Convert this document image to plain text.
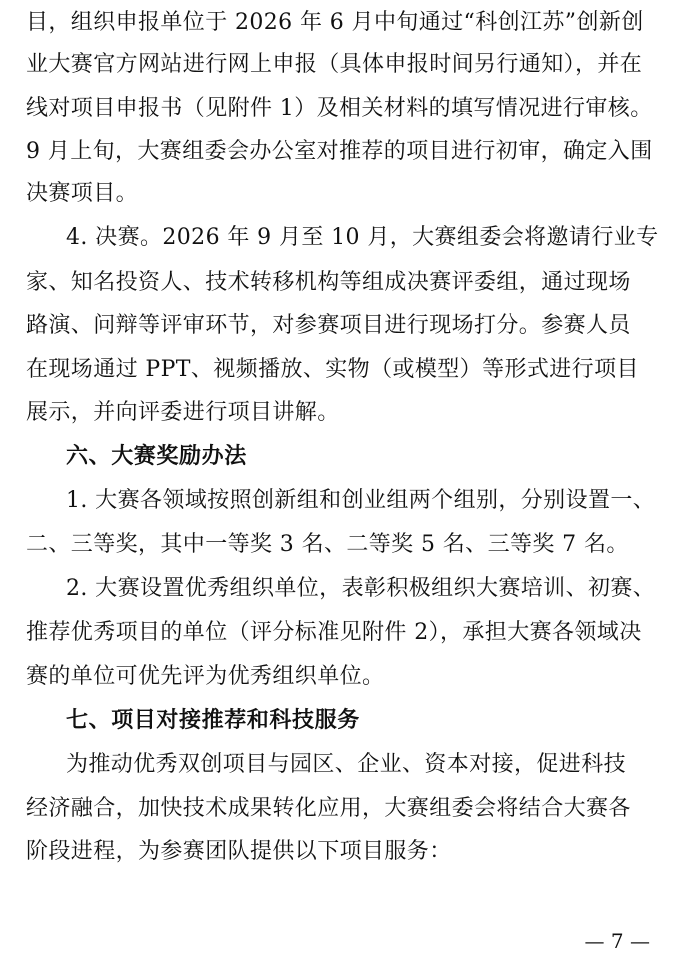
目，组织申报单位于 2026 年 6 月中旬通过“科创江苏”创新创
业大赛官方网站进行网上申报（具体申报时间另行通知），并在
线对项目申报书（见附件 1）及相关材料的填写情况进行审核。
9 月上旬，大赛组委会办公室对推荐的项目进行初审，确定入围
决赛项目。
4. 决赛。2026 年 9 月至 10 月，大赛组委会将邀请行业专
家、知名投资人、技术转移机构等组成决赛评委组，通过现场
路演、问辩等评审环节，对参赛项目进行现场打分。参赛人员
在现场通过 PPT、视频播放、实物（或模型）等形式进行项目
展示，并向评委进行项目讲解。
六、大赛奖励办法
1. 大赛各领域按照创新组和创业组两个组别，分别设置一、
二、三等奖，其中一等奖 3 名、二等奖 5 名、三等奖 7 名。
2. 大赛设置优秀组织单位，表彰积极组织大赛培训、初赛、
推荐优秀项目的单位（评分标准见附件 2），承担大赛各领域决
赛的单位可优先评为优秀组织单位。
七、项目对接推荐和科技服务
为推动优秀双创项目与园区、企业、资本对接，促进科技
经济融合，加快技术成果转化应用，大赛组委会将结合大赛各
阶段进程，为参赛团队提供以下项目服务：
— 7 —
